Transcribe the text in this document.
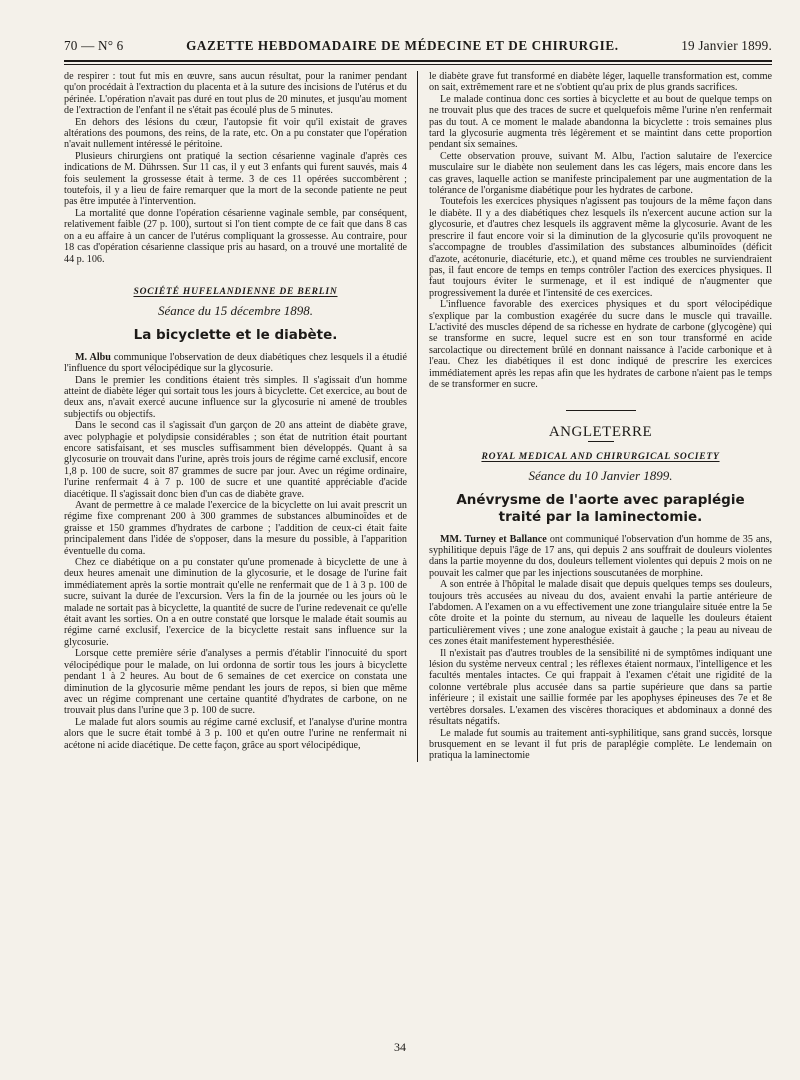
70 — N° 6	GAZETTE HEBDOMADAIRE DE MÉDECINE ET DE CHIRURGIE.	19 Janvier 1899.

de respirer : tout fut mis en œuvre, sans aucun résultat, pour la ranimer pendant qu'on procédait à l'extraction du placenta et à la suture des incisions de l'utérus et du périnée. L'opération n'avait pas duré en tout plus de 20 minutes, et jusqu'au moment de l'extraction de l'enfant il ne s'était pas écoulé plus de 5 minutes.

En dehors des lésions du cœur, l'autopsie fit voir qu'il existait de graves altérations des poumons, des reins, de la rate, etc. On a pu constater que l'opération n'avait nullement intéressé le péritoine.

Plusieurs chirurgiens ont pratiqué la section césarienne vaginale d'après ces indications de M. Dührssen. Sur 11 cas, il y eut 3 enfants qui furent sauvés, mais 4 fois seulement la grossesse était à terme. 3 de ces 11 opérées succombèrent ; toutefois, il y a lieu de faire remarquer que la mort de la seconde patiente ne peut pas être imputée à l'intervention.

La mortalité que donne l'opération césarienne vaginale semble, par conséquent, relativement faible (27 p. 100), surtout si l'on tient compte de ce fait que dans 8 cas on a eu affaire à un cancer de l'utérus compliquant la grossesse. Au contraire, pour 18 cas d'opération césarienne classique pris au hasard, on a trouvé une mortalité de 44 p. 106.

SOCIÉTÉ HUFELANDIENNE DE BERLIN
Séance du 15 décembre 1898.
La bicyclette et le diabète.

M. Albu communique l'observation de deux diabétiques chez lesquels il a étudié l'influence du sport vélocipédique sur la glycosurie.

Dans le premier les conditions étaient très simples. Il s'agissait d'un homme atteint de diabète léger qui sortait tous les jours à bicyclette. Cet exercice, au bout de deux ans, n'avait exercé aucune influence sur la glycosurie ni amené de troubles subjectifs ou objectifs.

Dans le second cas il s'agissait d'un garçon de 20 ans atteint de diabète grave, avec polyphagie et polydipsie considérables ; son état de nutrition était pourtant encore satisfaisant, et ses muscles suffisamment bien développés. Quant à sa glycosurie on trouvait dans l'urine, après trois jours de régime carné exclusif, encore 1,8 p. 100 de sucre, soit 87 grammes de sucre par jour. Avec un régime ordinaire, l'urine renfermait 4 à 7 p. 100 de sucre et une quantité appréciable d'acide diacétique. Il s'agissait donc bien d'un cas de diabète grave.

Avant de permettre à ce malade l'exercice de la bicyclette on lui avait prescrit un régime fixe comprenant 200 à 300 grammes de substances albuminoïdes et de graisse et 150 grammes d'hydrates de carbone ; l'addition de ceux-ci était faite principalement dans l'idée de s'opposer, dans la mesure du possible, à l'apparition éventuelle du coma.

Chez ce diabétique on a pu constater qu'une promenade à bicyclette de une à deux heures amenait une diminution de la glycosurie, et le dosage de l'urine fait immédiatement après la sortie montrait qu'elle ne renfermait que de 1 à 3 p. 100 de sucre, suivant la durée de l'excursion. Vers la fin de la journée ou les jours où le malade ne sortait pas à bicyclette, la quantité de sucre de l'urine redevenait ce qu'elle était avant les sorties. On a en outre constaté que lorsque le malade était soumis au régime carné exclusif, l'exercice de la bicyclette restait sans influence sur la glycosurie.

Lorsque cette première série d'analyses a permis d'établir l'innocuité du sport vélocipédique pour le malade, on lui ordonna de sortir tous les jours à bicyclette pendant 1 à 2 heures. Au bout de 6 semaines de cet exercice on constata une diminution de la glycosurie même pendant les jours de repos, si bien que même avec un régime comprenant une certaine quantité d'hydrates de carbone, on ne trouvait plus dans l'urine que 3 p. 100 de sucre.

Le malade fut alors soumis au régime carné exclusif, et l'analyse d'urine montra alors que le sucre était tombé à 3 p. 100 et qu'en outre l'urine ne renfermait ni acétone ni acide diacétique. De cette façon, grâce au sport vélocipédique,

le diabète grave fut transformé en diabète léger, laquelle transformation est, comme on sait, extrêmement rare et ne s'obtient qu'au prix de plus grands sacrifices.

Le malade continua donc ces sorties à bicyclette et au bout de quelque temps on ne trouvait plus que des traces de sucre et quelquefois même l'urine n'en renfermait pas du tout. A ce moment le malade abandonna la bicyclette : trois semaines plus tard la glycosurie augmenta très légèrement et se maintint dans cette proportion pendant six semaines.

Cette observation prouve, suivant M. Albu, l'action salutaire de l'exercice musculaire sur le diabète non seulement dans les cas légers, mais encore dans les cas graves, laquelle action se manifeste principalement par une augmentation de la tolérance de l'organisme diabétique pour les hydrates de carbone.

Toutefois les exercices physiques n'agissent pas toujours de la même façon dans le diabète. Il y a des diabétiques chez lesquels ils n'exercent aucune action sur la glycosurie, et d'autres chez lesquels ils aggravent même la glycosurie. Avant de les prescrire il faut encore voir si la diminution de la glycosurie qu'ils provoquent ne s'accompagne de troubles d'assimilation des substances albuminoïdes (déficit d'azote, acétonurie, diacéturie, etc.), et quand même ces troubles ne surviendraient pas, il faut encore de temps en temps contrôler l'action des exercices physiques. Il faut toujours éviter le surmenage, et il est indiqué de n'augmenter que progressivement la durée et l'intensité de ces exercices.

L'influence favorable des exercices physiques et du sport vélocipédique s'explique par la combustion exagérée du sucre dans le muscle qui travaille. L'activité des muscles dépend de sa richesse en hydrate de carbone (glycogène) qui se transforme en sucre, lequel sucre est en son tour transformé en acide sarcolactique ou directement brûlé en donnant naissance à l'acide carbonique et à l'eau. Chez les diabétiques il est donc indiqué de prescrire les exercices immédiatement après les repas afin que les hydrates de carbone n'aient pas le temps de se transformer en sucre.

ANGLETERRE
ROYAL MEDICAL AND CHIRURGICAL SOCIETY
Séance du 10 Janvier 1899.
Anévrysme de l'aorte avec paraplégie
traité par la laminectomie.

MM. Turney et Ballance ont communiqué l'observation d'un homme de 35 ans, syphilitique depuis l'âge de 17 ans, qui depuis 2 ans souffrait de douleurs violentes dans la partie moyenne du dos, douleurs tellement violentes qui depuis 2 mois on ne pouvait les calmer que par les injections souscutanées de morphine.

A son entrée à l'hôpital le malade disait que depuis quelques temps ses douleurs, toujours très accusées au niveau du dos, avaient envahi la partie antérieure de l'abdomen. A l'examen on a vu effectivement une zone triangulaire située entre la 5e côte droite et la pointe du sternum, au niveau de laquelle les douleurs étaient particulièrement vives ; une zone analogue existait à gauche ; la peau au niveau de ces zones était manifestement hyperesthésiée.

Il n'existait pas d'autres troubles de la sensibilité ni de symptômes indiquant une lésion du système nerveux central ; les réflexes étaient normaux, l'intelligence et les facultés mentales intactes. Ce qui frappait à l'examen c'était une rigidité de la colonne vertébrale plus accusée dans sa partie supérieure que dans sa partie inférieure ; il existait une saillie formée par les apophyses épineuses des 7e et 8e vertèbres dorsales. L'examen des viscères thoraciques et abdominaux a donné des résultats négatifs.

Le malade fut soumis au traitement anti-syphilitique, sans grand succès, lorsque brusquement en se levant il fut pris de paraplégie complète. Le lendemain on pratiqua la laminectomie

34
